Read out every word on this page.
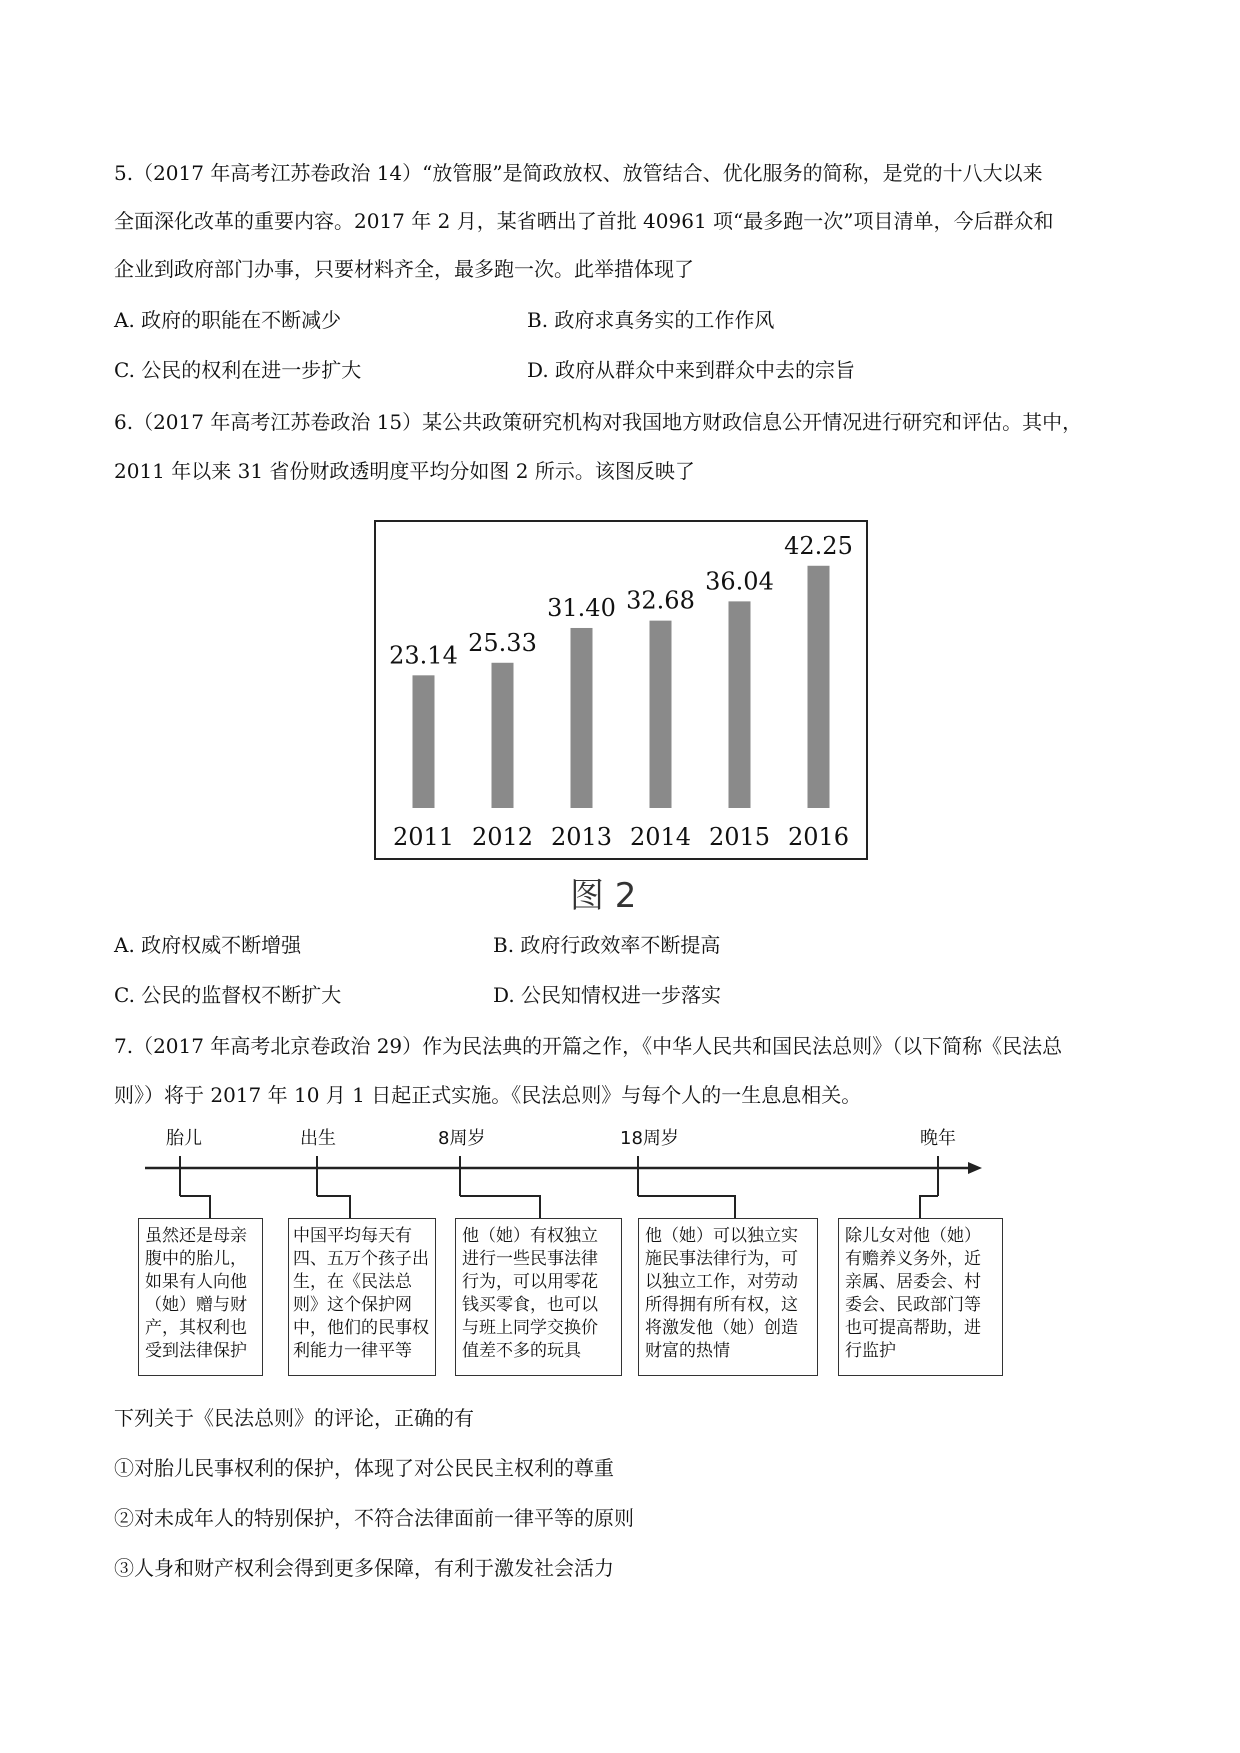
5.（2017 年高考江苏卷政治 14）“放管服”是简政放权、放管结合、优化服务的简称，是党的十八大以来
全面深化改革的重要内容。2017 年 2 月，某省晒出了首批 40961 项“最多跑一次”项目清单，今后群众和
企业到政府部门办事，只要材料齐全，最多跑一次。此举措体现了
A. 政府的职能在不断减少	B. 政府求真务实的工作作风
C. 公民的权利在进一步扩大	D. 政府从群众中来到群众中去的宗旨
6.（2017 年高考江苏卷政治 15）某公共政策研究机构对我国地方财政信息公开情况进行研究和评估。其中，
2011 年以来 31 省份财政透明度平均分如图 2 所示。该图反映了
23.14
2011
25.33
2012
31.40
2013
32.68
2014
36.04
2015
42.25
2016
图 2
A. 政府权威不断增强	B. 政府行政效率不断提高
C. 公民的监督权不断扩大	D. 公民知情权进一步落实
7.（2017 年高考北京卷政治 29）作为民法典的开篇之作，《中华人民共和国民法总则》（以下简称《民法总
则》）将于 2017 年 10 月 1 日起正式实施。《民法总则》与每个人的一生息息相关。
胎儿	出生	8周岁	18周岁	晚年
虽然还是母亲
腹中的胎儿，
如果有人向他
（她）赠与财
产，其权利也
受到法律保护
中国平均每天有
四、五万个孩子出
生，在《民法总
则》这个保护网
中，他们的民事权
利能力一律平等
他（她）有权独立
进行一些民事法律
行为，可以用零花
钱买零食，也可以
与班上同学交换价
值差不多的玩具
他（她）可以独立实
施民事法律行为，可
以独立工作，对劳动
所得拥有所有权，这
将激发他（她）创造
财富的热情
除儿女对他（她）
有赡养义务外，近
亲属、居委会、村
委会、民政部门等
也可提高帮助，进
行监护
下列关于《民法总则》的评论，正确的有
①对胎儿民事权利的保护，体现了对公民民主权利的尊重
②对未成年人的特别保护，不符合法律面前一律平等的原则
③人身和财产权利会得到更多保障，有利于激发社会活力
